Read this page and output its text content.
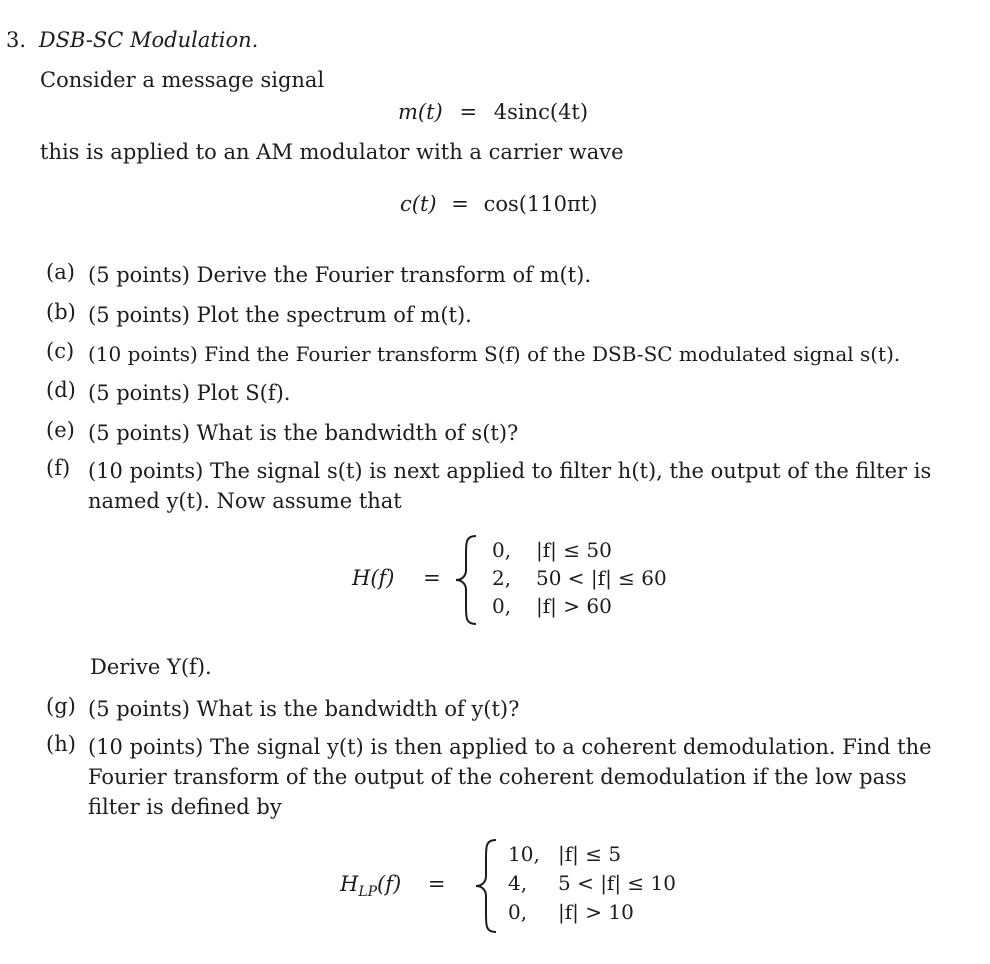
3. DSB-SC Modulation.
Consider a message signal
m(t) = 4sinc(4t)
this is applied to an AM modulator with a carrier wave
c(t) = cos(110πt)
(a) (5 points) Derive the Fourier transform of m(t).
(b) (5 points) Plot the spectrum of m(t).
(c) (10 points) Find the Fourier transform S(f) of the DSB-SC modulated signal s(t).
(d) (5 points) Plot S(f).
(e) (5 points) What is the bandwidth of s(t)?
(f) (10 points) The signal s(t) is next applied to filter h(t), the output of the filter is named y(t). Now assume that
H(f) =
0, |f| ≤ 50
2, 50 < |f| ≤ 60
0, |f| > 60
Derive Y(f).
(g) (5 points) What is the bandwidth of y(t)?
(h) (10 points) The signal y(t) is then applied to a coherent demodulation. Find the Fourier transform of the output of the coherent demodulation if the low pass filter is defined by
$H_{LP}(f)$ =
10, |f| ≤ 5
4, 5 < |f| ≤ 10
0, |f| > 10
